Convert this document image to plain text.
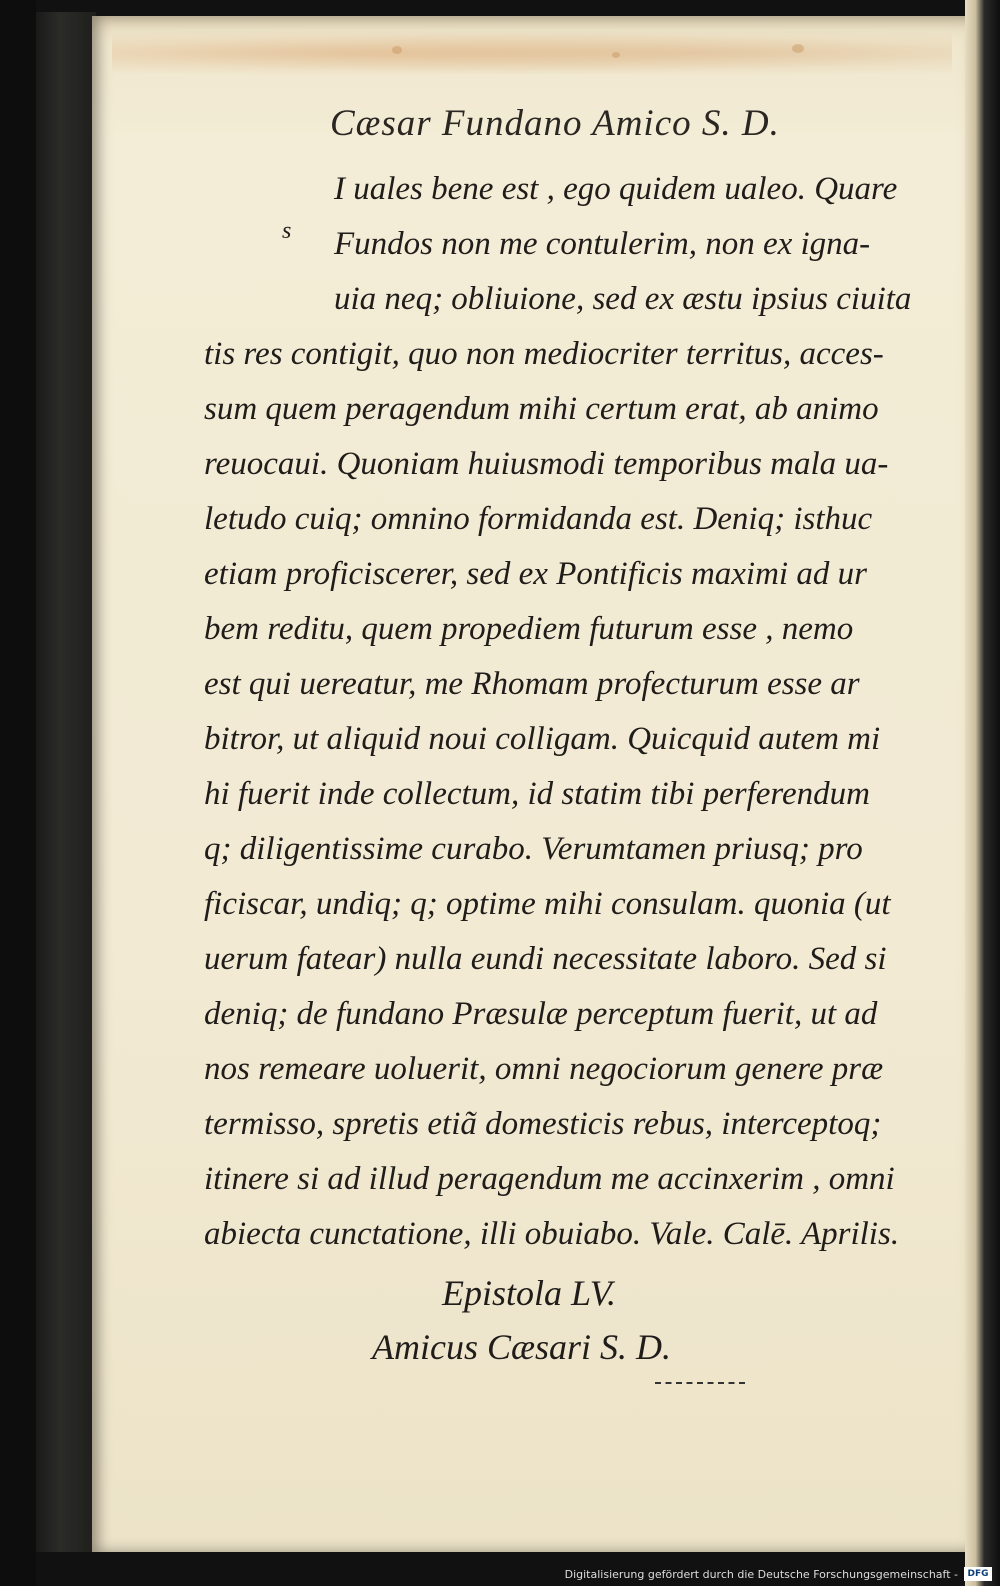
Cæsar Fundano Amico S. D.
s
I uales bene est , ego quidem ualeo. Quare
Fundos non me contulerim, non ex igna-
uia neq; obliuione, sed ex æstu ipsius ciuita
tis res contigit, quo non mediocriter territus, acces-
sum quem peragendum mihi certum erat, ab animo
reuocaui. Quoniam huiusmodi temporibus mala ua-
letudo cuiq; omnino formidanda est. Deniq; isthuc
etiam proficiscerer, sed ex Pontificis maximi ad ur
bem reditu, quem propediem futurum esse , nemo
est qui uereatur, me Rhomam profecturum esse ar
bitror, ut aliquid noui colligam. Quicquid autem mi
hi fuerit inde collectum, id statim tibi perferendum
q; diligentissime curabo. Verumtamen priusq; pro
ficiscar, undiq; q; optime mihi consulam. quonia (ut
uerum fatear) nulla eundi necessitate laboro. Sed si
deniq; de fundano Præsulæ perceptum fuerit, ut ad
nos remeare uoluerit, omni negociorum genere præ
termisso, spretis etiã domesticis rebus, interceptoq;
itinere si ad illud peragendum me accinxerim , omni
abiecta cunctatione, illi obuiabo. Vale. Calē. Aprilis.
Epistola LV.
Amicus Cæsari S. D.
Digitalisierung gefördert durch die Deutsche Forschungsgemeinschaft -	DFG
